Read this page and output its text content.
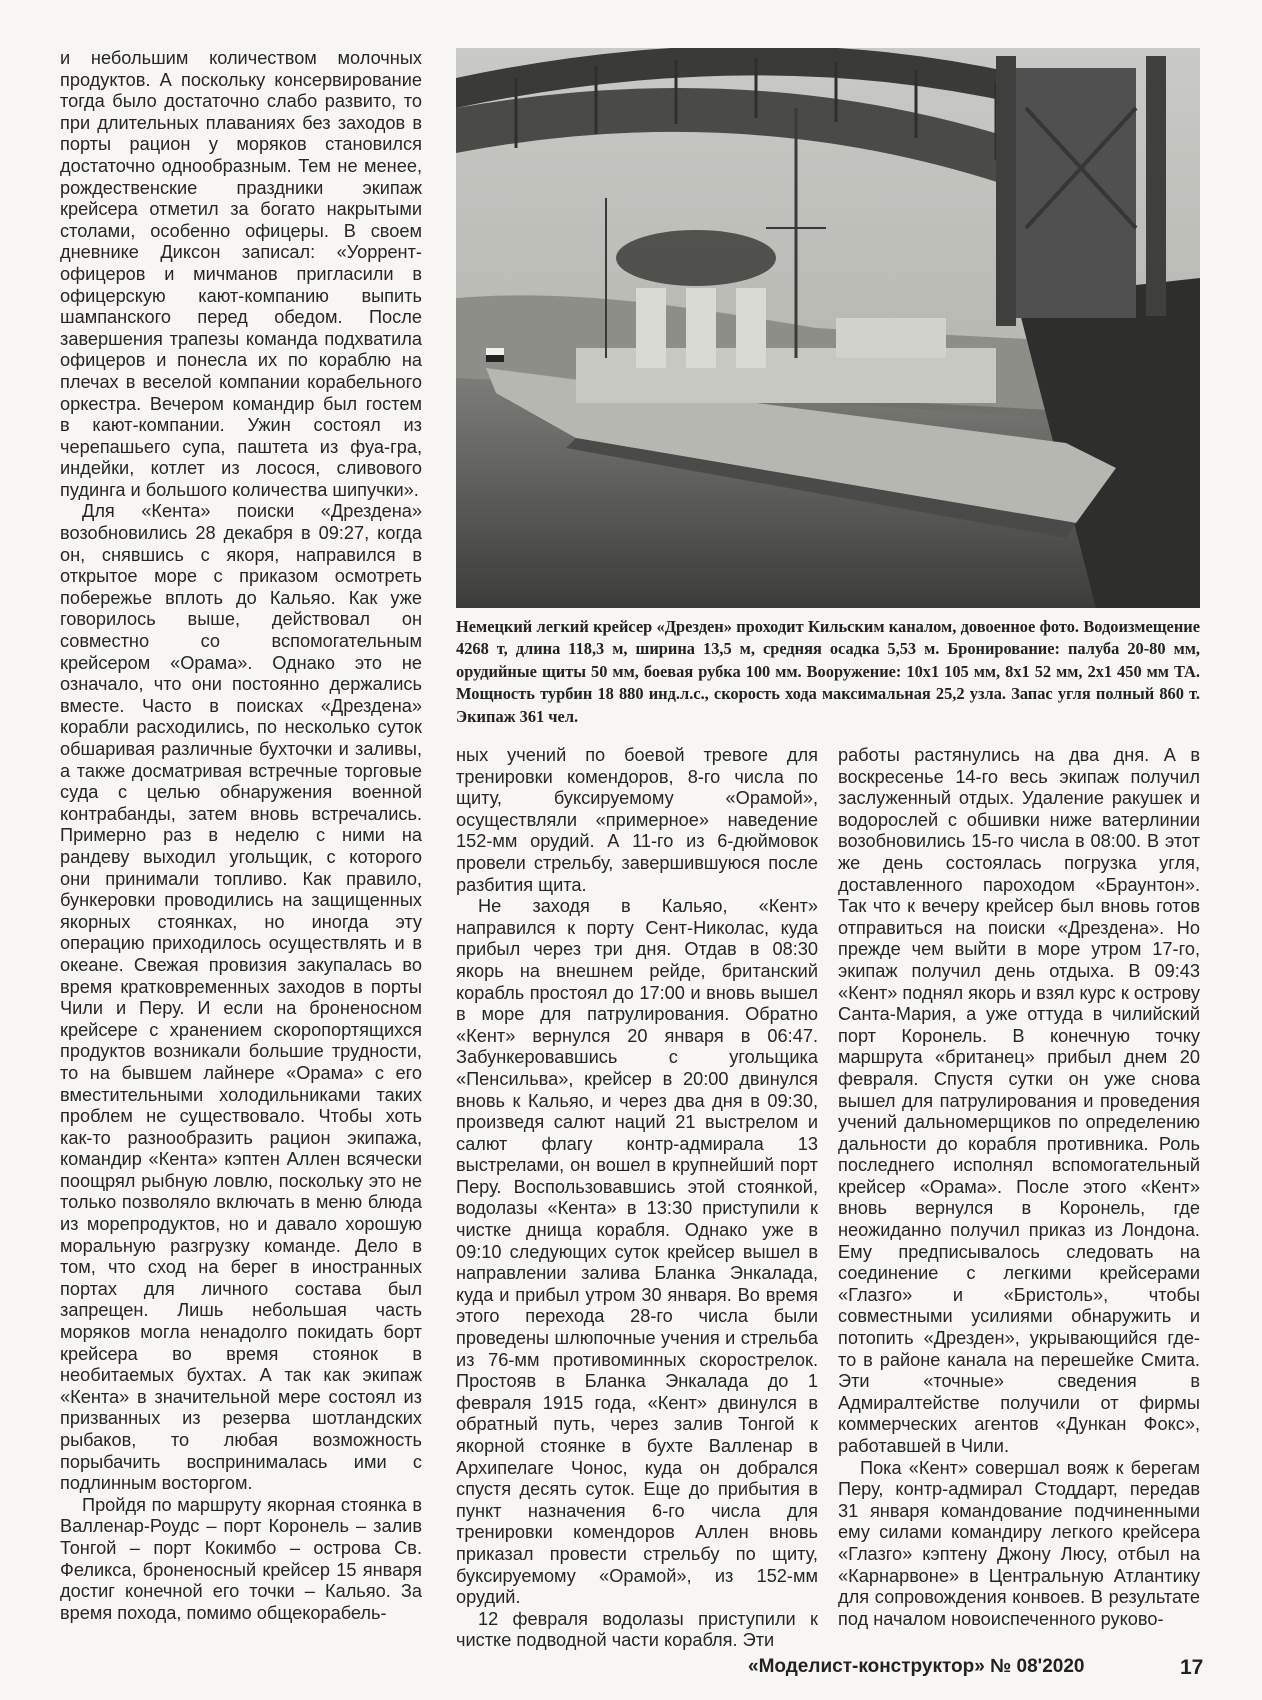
и небольшим количеством молочных продуктов. А поскольку консервирование тогда было достаточно слабо развито, то при длительных плаваниях без заходов в порты рацион у моряков становился достаточно однообразным. Тем не менее, рождественские праздники экипаж крейсера отметил за богато накрытыми столами, особенно офицеры. В своем дневнике Диксон записал: «Уоррент-офицеров и мичманов пригласили в офицерскую кают-компанию выпить шампанского перед обедом. После завершения трапезы команда подхватила офицеров и понесла их по кораблю на плечах в веселой компании корабельного оркестра. Вечером командир был гостем в кают-компании. Ужин состоял из черепашьего супа, паштета из фуа-гра, индейки, котлет из лосося, сливового пудинга и большого количества шипучки».

Для «Кента» поиски «Дрездена» возобновились 28 декабря в 09:27, когда он, снявшись с якоря, направился в открытое море с приказом осмотреть побережье вплоть до Кальяо. Как уже говорилось выше, действовал он совместно со вспомогательным крейсером «Орама». Однако это не означало, что они постоянно держались вместе. Часто в поисках «Дрездена» корабли расходились, по несколько суток обшаривая различные бухточки и заливы, а также досматривая встречные торговые суда с целью обнаружения военной контрабанды, затем вновь встречались. Примерно раз в неделю с ними на рандеву выходил угольщик, с которого они принимали топливо. Как правило, бункеровки проводились на защищенных якорных стоянках, но иногда эту операцию приходилось осуществлять и в океане. Свежая провизия закупалась во время кратковременных заходов в порты Чили и Перу. И если на броненосном крейсере с хранением скоропортящихся продуктов возникали большие трудности, то на бывшем лайнере «Орама» с его вместительными холодильниками таких проблем не существовало. Чтобы хоть как-то разнообразить рацион экипажа, командир «Кента» кэптен Аллен всячески поощрял рыбную ловлю, поскольку это не только позволяло включать в меню блюда из морепродуктов, но и давало хорошую моральную разгрузку команде. Дело в том, что сход на берег в иностранных портах для личного состава был запрещен. Лишь небольшая часть моряков могла ненадолго покидать борт крейсера во время стоянок в необитаемых бухтах. А так как экипаж «Кента» в значительной мере состоял из призванных из резерва шотландских рыбаков, то любая возможность порыбачить воспринималась ими с подлинным восторгом.

Пройдя по маршруту якорная стоянка в Валленар-Роудс – порт Коронель – залив Тонгой – порт Кокимбо – острова Св. Феликса, броненосный крейсер 15 января достиг конечной его точки – Кальяо. За время похода, помимо общекорабель-

Немецкий легкий крейсер «Дрезден» проходит Кильским каналом, довоенное фото. Водоизмещение 4268 т, длина 118,3 м, ширина 13,5 м, средняя осадка 5,53 м. Бронирование: палуба 20-80 мм, орудийные щиты 50 мм, боевая рубка 100 мм. Вооружение: 10x1 105 мм, 8x1 52 мм, 2x1 450 мм ТА. Мощность турбин 18 880 инд.л.с., скорость хода максимальная 25,2 узла. Запас угля полный 860 т. Экипаж 361 чел.

ных учений по боевой тревоге для тренировки комендоров, 8-го числа по щиту, буксируемому «Орамой», осуществляли «примерное» наведение 152-мм орудий. А 11-го из 6-дюймовок провели стрельбу, завершившуюся после разбития щита.

Не заходя в Кальяо, «Кент» направился к порту Сент-Николас, куда прибыл через три дня. Отдав в 08:30 якорь на внешнем рейде, британский корабль простоял до 17:00 и вновь вышел в море для патрулирования. Обратно «Кент» вернулся 20 января в 06:47. Забункеровавшись с угольщика «Пенсильва», крейсер в 20:00 двинулся вновь к Кальяо, и через два дня в 09:30, произведя салют наций 21 выстрелом и салют флагу контр-адмирала 13 выстрелами, он вошел в крупнейший порт Перу. Воспользовавшись этой стоянкой, водолазы «Кента» в 13:30 приступили к чистке днища корабля. Однако уже в 09:10 следующих суток крейсер вышел в направлении залива Бланка Энкалада, куда и прибыл утром 30 января. Во время этого перехода 28-го числа были проведены шлюпочные учения и стрельба из 76-мм противоминных скорострелок. Простояв в Бланка Энкалада до 1 февраля 1915 года, «Кент» двинулся в обратный путь, через залив Тонгой к якорной стоянке в бухте Валленар в Архипелаге Чонос, куда он добрался спустя десять суток. Еще до прибытия в пункт назначения 6-го числа для тренировки комендоров Аллен вновь приказал провести стрельбу по щиту, буксируемому «Орамой», из 152-мм орудий.

12 февраля водолазы приступили к чистке подводной части корабля. Эти

работы растянулись на два дня. А в воскресенье 14-го весь экипаж получил заслуженный отдых. Удаление ракушек и водорослей с обшивки ниже ватерлинии возобновились 15-го числа в 08:00. В этот же день состоялась погрузка угля, доставленного пароходом «Браунтон». Так что к вечеру крейсер был вновь готов отправиться на поиски «Дрездена». Но прежде чем выйти в море утром 17-го, экипаж получил день отдыха. В 09:43 «Кент» поднял якорь и взял курс к острову Санта-Мария, а уже оттуда в чилийский порт Коронель. В конечную точку маршрута «британец» прибыл днем 20 февраля. Спустя сутки он уже снова вышел для патрулирования и проведения учений дальномерщиков по определению дальности до корабля противника. Роль последнего исполнял вспомогательный крейсер «Орама». После этого «Кент» вновь вернулся в Коронель, где неожиданно получил приказ из Лондона. Ему предписывалось следовать на соединение с легкими крейсерами «Глазго» и «Бристоль», чтобы совместными усилиями обнаружить и потопить «Дрезден», укрывающийся где-то в районе канала на перешейке Смита. Эти «точные» сведения в Адмиралтействе получили от фирмы коммерческих агентов «Дункан Фокс», работавшей в Чили.

Пока «Кент» совершал вояж к берегам Перу, контр-адмирал Стоддарт, передав 31 января командование подчиненными ему силами командиру легкого крейсера «Глазго» кэптену Джону Люсу, отбыл на «Карнарвоне» в Центральную Атлантику для сопровождения конвоев. В результате под началом новоиспеченного руково-

«Моделист-конструктор» № 08'2020	17
